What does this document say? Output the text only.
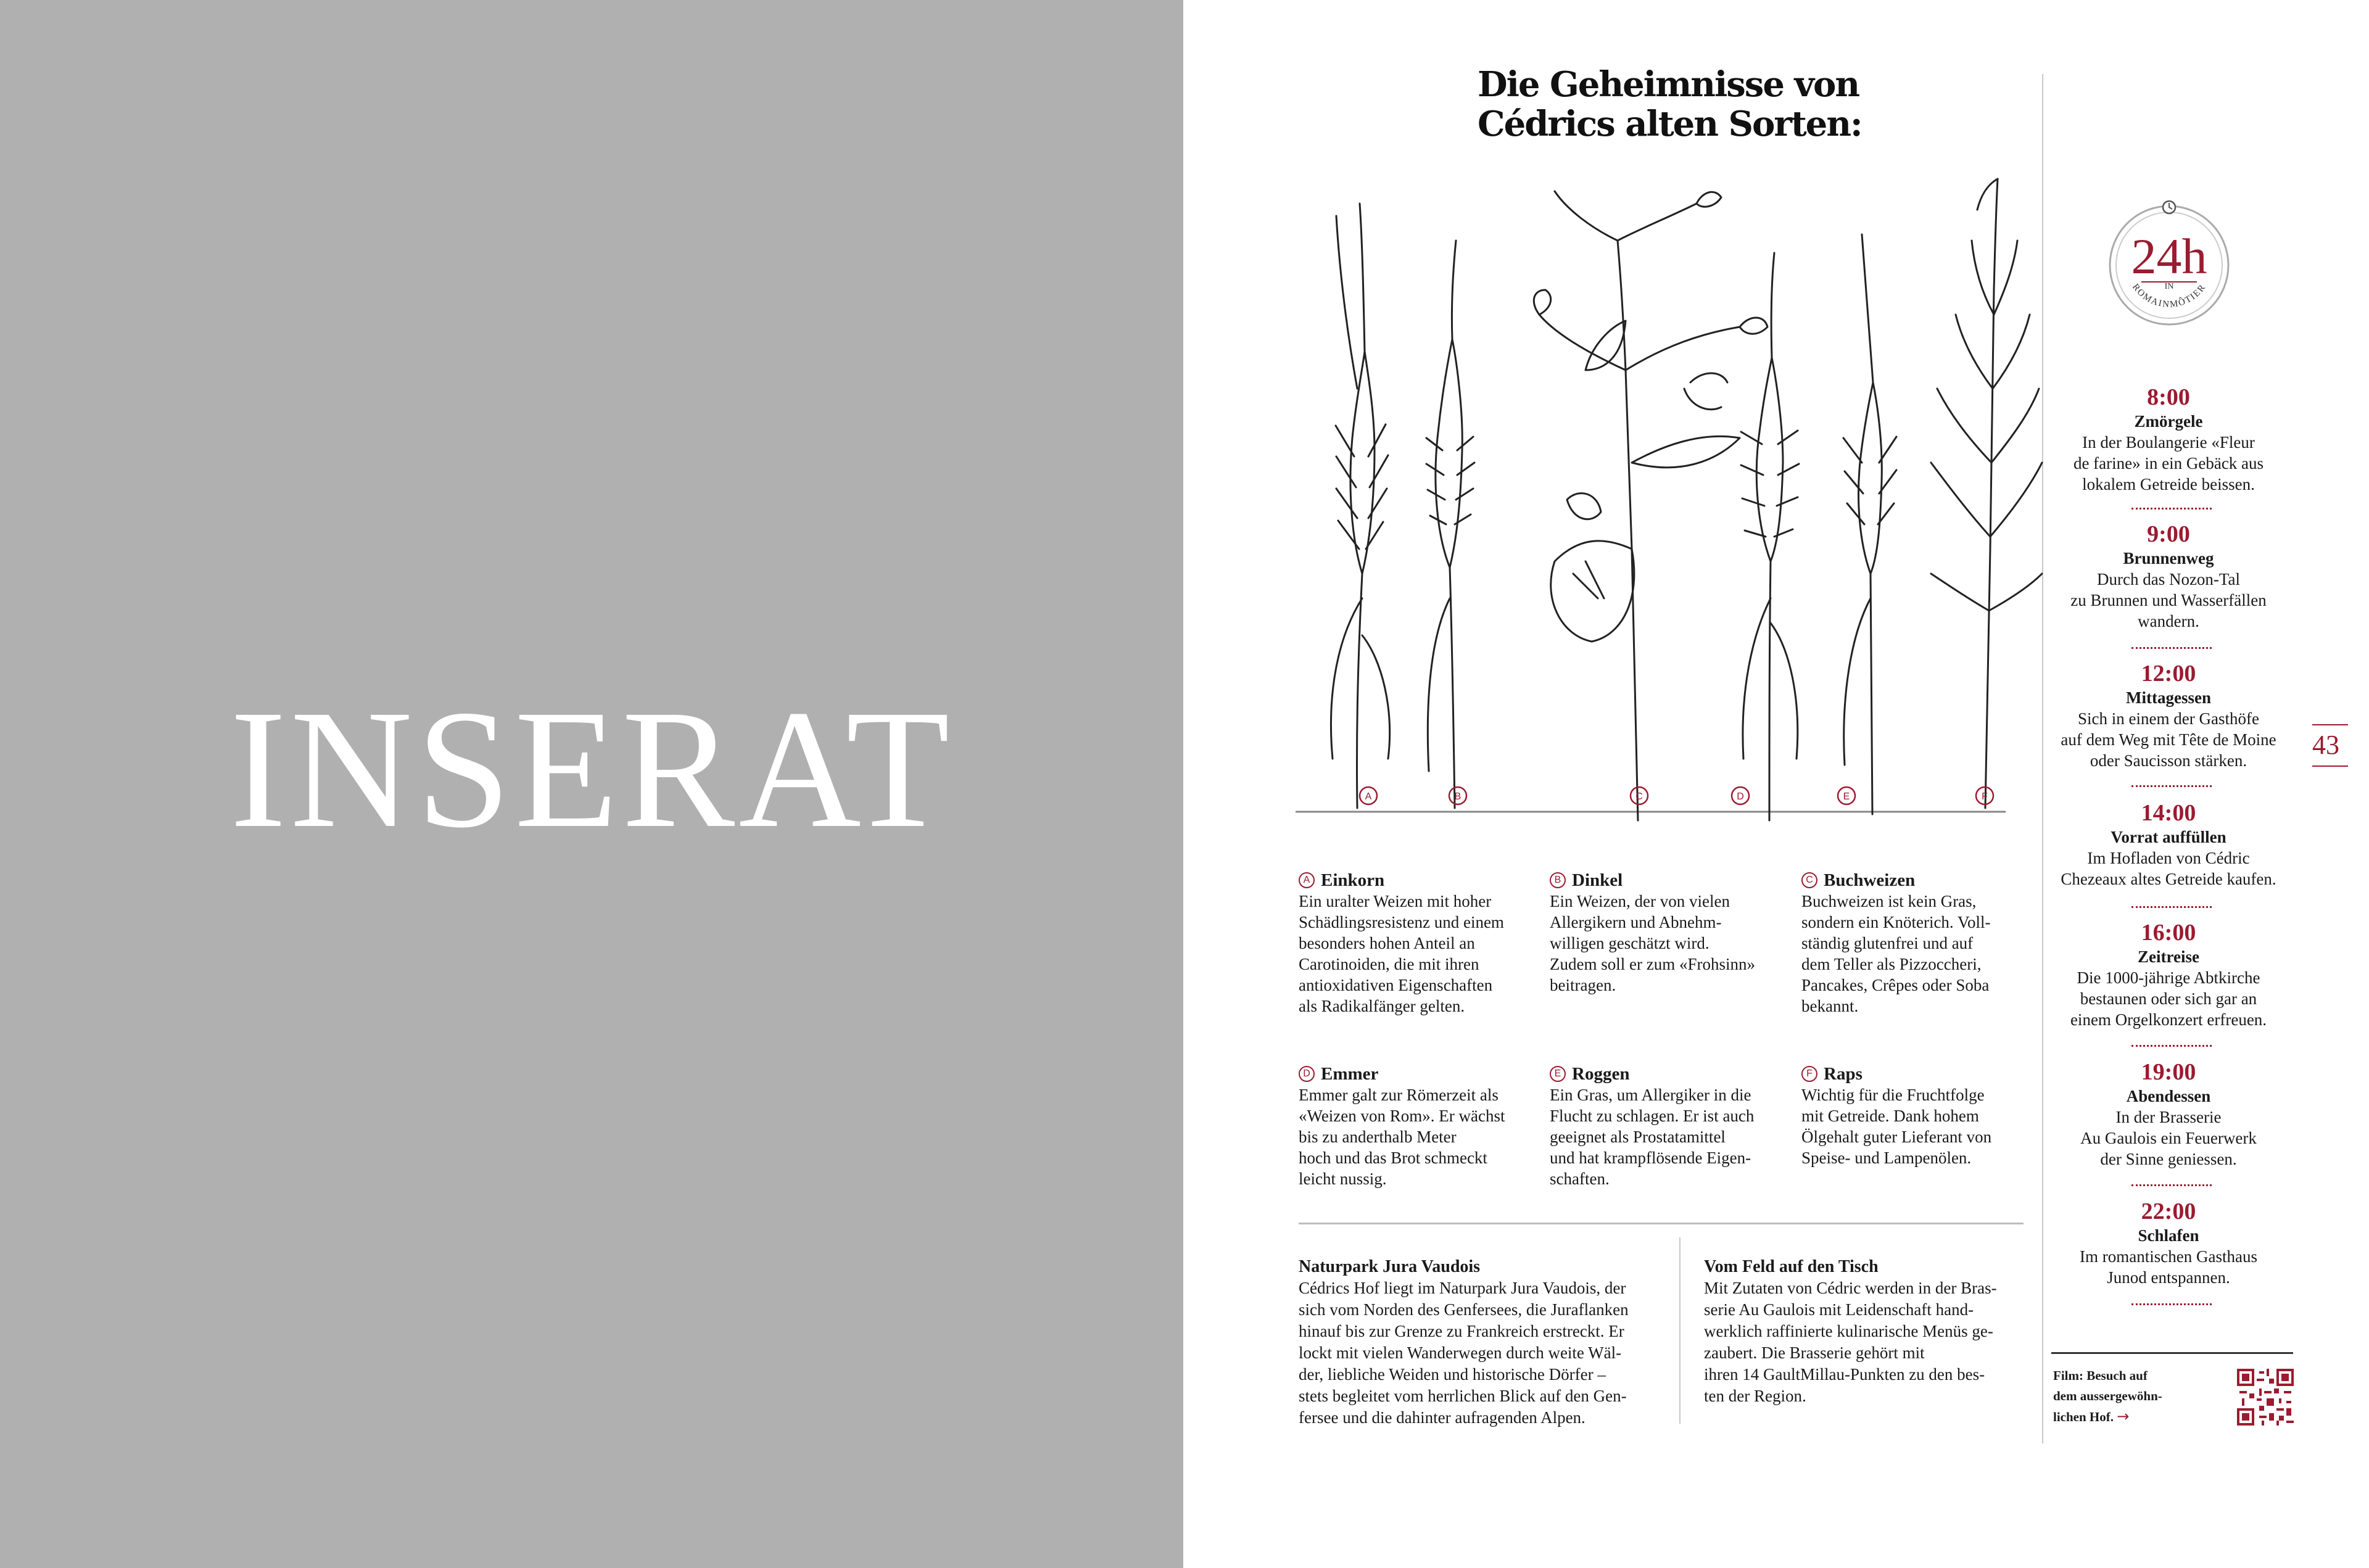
INSERAT
Die Geheimnisse von
Cédrics alten Sorten:
A	B	C	D	E	F
A Einkorn
Ein uralter Weizen mit hoher
Schädlingsresistenz und einem
besonders hohen Anteil an
Carotinoiden, die mit ihren
antioxidativen Eigenschaften
als Radikalfänger gelten.
B Dinkel
Ein Weizen, der von vielen
Allergikern und Abnehm-
willigen geschätzt wird.
Zudem soll er zum «Frohsinn»
beitragen.
C Buchweizen
Buchweizen ist kein Gras,
sondern ein Knöterich. Voll-
ständig glutenfrei und auf
dem Teller als Pizzoccheri,
Pancakes, Crêpes oder Soba
bekannt.
D Emmer
Emmer galt zur Römerzeit als
«Weizen von Rom». Er wächst
bis zu anderthalb Meter
hoch und das Brot schmeckt
leicht nussig.
E Roggen
Ein Gras, um Allergiker in die
Flucht zu schlagen. Er ist auch
geeignet als Prostatamittel
und hat krampflösende Eigen-
schaften.
F Raps
Wichtig für die Fruchtfolge
mit Getreide. Dank hohem
Ölgehalt guter Lieferant von
Speise- und Lampenölen.
Naturpark Jura Vaudois
Cédrics Hof liegt im Naturpark Jura Vaudois, der
sich vom Norden des Genfersees, die Juraflanken
hinauf bis zur Grenze zu Frankreich erstreckt. Er
lockt mit vielen Wanderwegen durch weite Wäl-
der, liebliche Weiden und historische Dörfer –
stets begleitet vom herrlichen Blick auf den Gen-
fersee und die dahinter aufragenden Alpen.
Vom Feld auf den Tisch
Mit Zutaten von Cédric werden in der Bras-
serie Au Gaulois mit Leidenschaft hand-
werklich raffinierte kulinarische Menüs ge-
zaubert. Die Brasserie gehört mit
ihren 14 GaultMillau-Punkten zu den bes-
ten der Region.
24h
IN
ROMAINMÔTIER
8:00
Zmörgele
In der Boulangerie «Fleur
de farine» in ein Gebäck aus
lokalem Getreide beissen.
9:00
Brunnenweg
Durch das Nozon-Tal
zu Brunnen und Wasserfällen
wandern.
12:00
Mittagessen
Sich in einem der Gasthöfe
auf dem Weg mit Tête de Moine
oder Saucisson stärken.
14:00
Vorrat auffüllen
Im Hofladen von Cédric
Chezeaux altes Getreide kaufen.
16:00
Zeitreise
Die 1000-jährige Abtkirche
bestaunen oder sich gar an
einem Orgelkonzert erfreuen.
19:00
Abendessen
In der Brasserie
Au Gaulois ein Feuerwerk
der Sinne geniessen.
22:00
Schlafen
Im romantischen Gasthaus
Junod entspannen.
43
Film: Besuch auf
dem aussergewöhn-
lichen Hof. →
